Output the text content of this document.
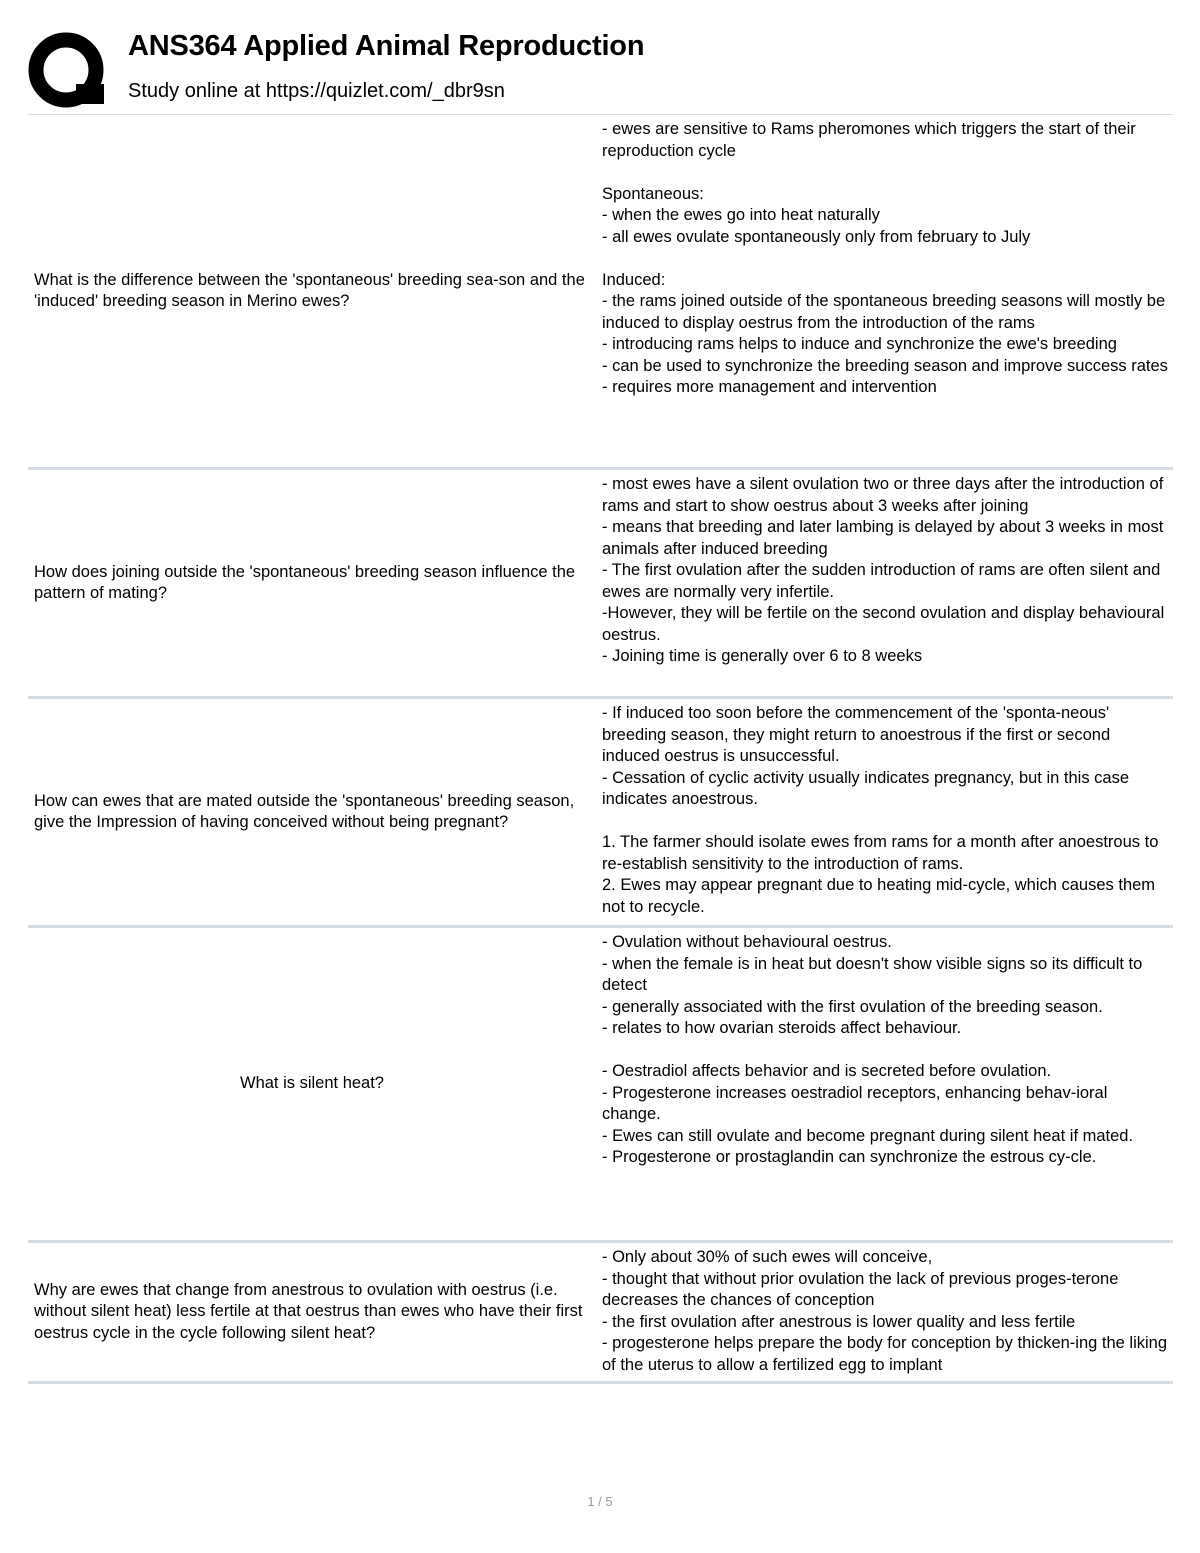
ANS364 Applied Animal Reproduction
Study online at https://quizlet.com/_dbr9sn
What is the difference between the 'spontaneous' breeding sea-son and the 'induced' breeding season in Merino ewes?
- ewes are sensitive to Rams pheromones which triggers the start of their reproduction cycle
Spontaneous:
- when the ewes go into heat naturally
- all ewes ovulate spontaneously only from february to July
Induced:
- the rams joined outside of the spontaneous breeding seasons will mostly be induced to display oestrus from the introduction of the rams
- introducing rams helps to induce and synchronize the ewe's breeding
- can be used to synchronize the breeding season and improve success rates
- requires more management and intervention
How does joining outside the 'spontaneous' breeding season influence the pattern of mating?
- most ewes have a silent ovulation two or three days after the introduction of rams and start to show oestrus about 3 weeks after joining
- means that breeding and later lambing is delayed by about 3 weeks in most animals after induced breeding
- The first ovulation after the sudden introduction of rams are often silent and ewes are normally very infertile.
-However, they will be fertile on the second ovulation and display behavioural oestrus.
- Joining time is generally over 6 to 8 weeks
How can ewes that are mated outside the 'spontaneous' breeding season, give the Impression of having conceived without being pregnant?
- If induced too soon before the commencement of the 'sponta-neous' breeding season, they might return to anoestrous if the first or second induced oestrus is unsuccessful.
- Cessation of cyclic activity usually indicates pregnancy, but in this case indicates anoestrous.
1. The farmer should isolate ewes from rams for a month after anoestrous to re-establish sensitivity to the introduction of rams.
2. Ewes may appear pregnant due to heating mid-cycle, which causes them not to recycle.
What is silent heat?
- Ovulation without behavioural oestrus.
- when the female is in heat but doesn't show visible signs so its difficult to detect
- generally associated with the first ovulation of the breeding season.
- relates to how ovarian steroids affect behaviour.
- Oestradiol affects behavior and is secreted before ovulation.
- Progesterone increases oestradiol receptors, enhancing behav-ioral change.
- Ewes can still ovulate and become pregnant during silent heat if mated.
- Progesterone or prostaglandin can synchronize the estrous cy-cle.
Why are ewes that change from anestrous to ovulation with oestrus (i.e. without silent heat) less fertile at that oestrus than ewes who have their first oestrus cycle in the cycle following silent heat?
- Only about 30% of such ewes will conceive,
- thought that without prior ovulation the lack of previous proges-terone decreases the chances of conception
- the first ovulation after anestrous is lower quality and less fertile
- progesterone helps prepare the body for conception by thicken-ing the liking of the uterus to allow a fertilized egg to implant
1 / 5
